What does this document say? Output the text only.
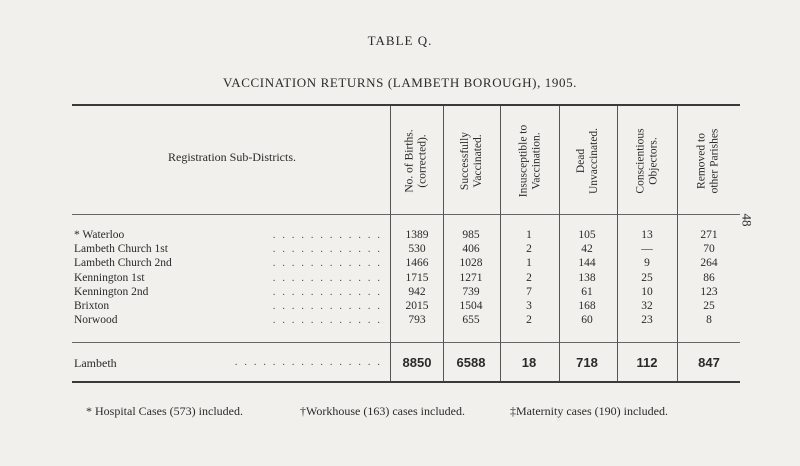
TABLE Q.
VACCINATION RETURNS (LAMBETH BOROUGH), 1905.
Registration Sub-Districts.	No. of Births. (corrected).	Successfully Vaccinated.	Insusceptible to Vaccination.	Dead Unvaccinated.	Conscientious Objectors.	Removed to other Parishes
* Waterloo	. . . . . . . . . . . .	1389	985	1	105	13	271
Lambeth Church 1st	. . . . . . . . . . . .	530	406	2	42	—	70
Lambeth Church 2nd	. . . . . . . . . . . .	1466	1028	1	144	9	264
Kennington 1st	. . . . . . . . . . . .	1715	1271	2	138	25	86
Kennington 2nd	. . . . . . . . . . . .	942	739	7	61	10	123
Brixton	. . . . . . . . . . . .	2015	1504	3	168	32	25
Norwood	. . . . . . . . . . . .	793	655	2	60	23	8
Lambeth	. . . . . . . . . . . . . . . .	8850	6588	18	718	112	847
* Hospital Cases (573) included.	†Workhouse (163) cases included.	‡Maternity cases (190) included.
48
